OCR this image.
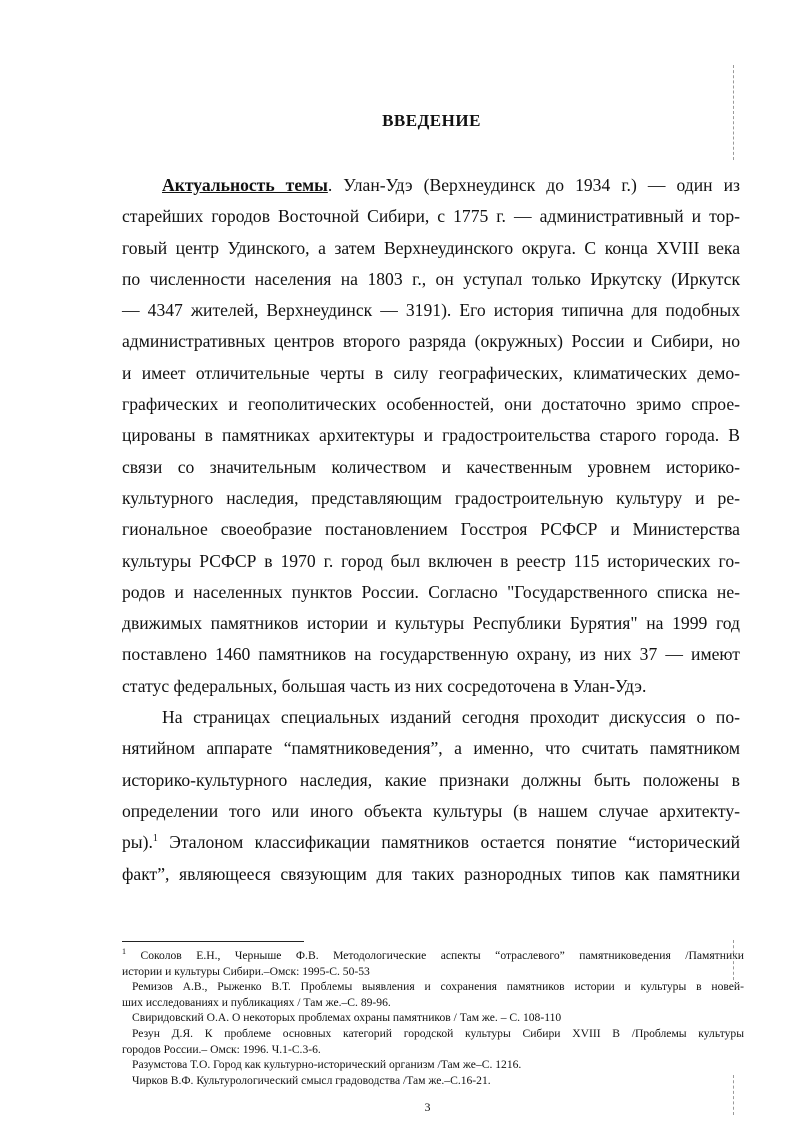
ВВЕДЕНИЕ
Актуальность темы. Улан-Удэ (Верхнеудинск до 1934 г.) — один из
старейших городов Восточной Сибири, с 1775 г. — административный и тор-
говый центр Удинского, а затем Верхнеудинского округа. С конца XVIII века
по численности населения на 1803 г., он уступал только Иркутску (Иркутск
— 4347 жителей, Верхнеудинск — 3191). Его история типична для подобных
административных центров второго разряда (окружных) России и Сибири, но
и имеет отличительные черты в силу географических, климатических демо-
графических и геополитических особенностей, они достаточно зримо спрое-
цированы в памятниках архитектуры и градостроительства старого города. В
связи со значительным количеством и качественным уровнем историко-
культурного наследия, представляющим градостроительную культуру и ре-
гиональное своеобразие постановлением Госстроя РСФСР и Министерства
культуры РСФСР в 1970 г. город был включен в реестр 115 исторических го-
родов и населенных пунктов России. Согласно "Государственного списка не-
движимых памятников истории и культуры Республики Бурятия" на 1999 год
поставлено 1460 памятников на государственную охрану, из них 37 — имеют
статус федеральных, большая часть из них сосредоточена в Улан-Удэ.
На страницах специальных изданий сегодня проходит дискуссия о по-
нятийном аппарате “памятниковедения”, а именно, что считать памятником
историко-культурного наследия, какие признаки должны быть положены в
определении того или иного объекта культуры (в нашем случае архитекту-
ры).$^1$ Эталоном классификации памятников остается понятие “исторический
факт”, являющееся связующим для таких разнородных типов как памятники
$^1$ Соколов Е.Н., Черныше Ф.В. Методологические аспекты “отраслевого” памятниковедения /Памятники
истории и культуры Сибири.–Омск: 1995-С. 50-53
Ремизов А.В., Рыженко В.Т. Проблемы выявления и сохранения памятников истории и культуры в новей-
ших исследованиях и публикациях / Там же.–С. 89-96.
Свиридовский О.А. О некоторых проблемах охраны памятников / Там же. – С. 108-110
Резун Д.Я. К проблеме основных категорий городской культуры Сибири XVIII В /Проблемы культуры
городов России.– Омск: 1996. Ч.1-С.3-6.
Разумстова Т.О. Город как культурно-исторический организм /Там же–С. 1216.
Чирков В.Ф. Культурологический смысл градоводства /Там же.–С.16-21.
3
